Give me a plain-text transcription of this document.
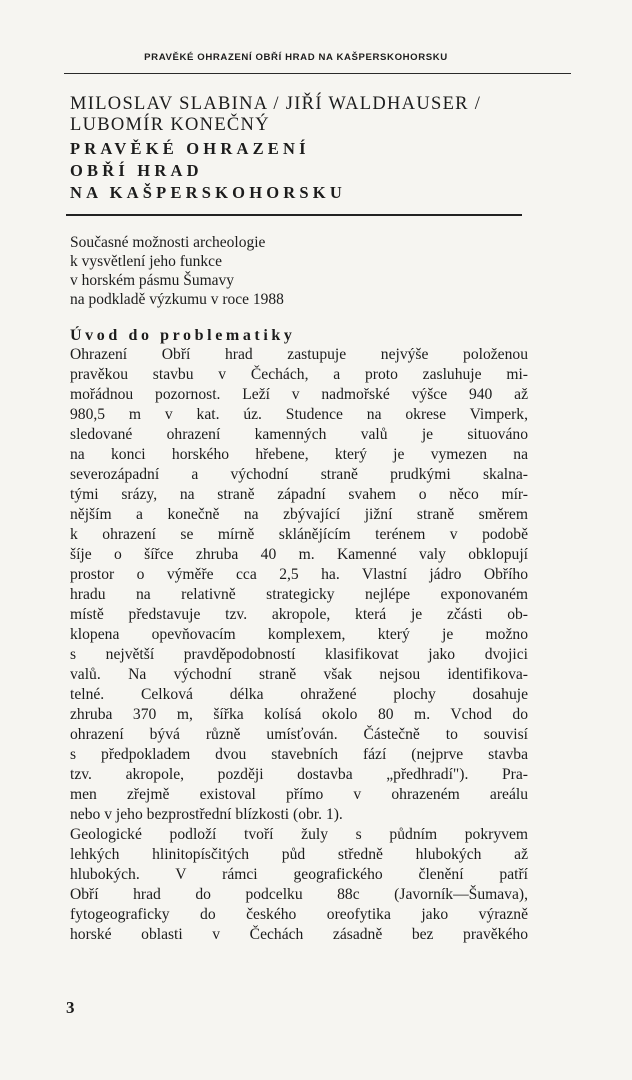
PRAVĚKÉ OHRAZENÍ OBŘÍ HRAD NA KAŠPERSKOHORSKU
MILOSLAV SLABINA / JIŘÍ WALDHAUSER /
LUBOMÍR KONEČNÝ
PRAVĚKÉ OHRAZENÍ
OBŘÍ HRAD
NA KAŠPERSKOHORSKU
Současné možnosti archeologie
k vysvětlení jeho funkce
v horském pásmu Šumavy
na podkladě výzkumu v roce 1988
Úvod do problematiky
Ohrazení Obří hrad zastupuje nejvýše položenou
pravěkou stavbu v Čechách, a proto zasluhuje mi-
mořádnou pozornost. Leží v nadmořské výšce 940 až
980,5 m v kat. úz. Studence na okrese Vimperk,
sledované ohrazení kamenných valů je situováno
na konci horského hřebene, který je vymezen na
severozápadní a východní straně prudkými skalna-
tými srázy, na straně západní svahem o něco mír-
nějším a konečně na zbývající jižní straně směrem
k ohrazení se mírně sklánějícím terénem v podobě
šíje o šířce zhruba 40 m. Kamenné valy obklopují
prostor o výměře cca 2,5 ha. Vlastní jádro Obřího
hradu na relativně strategicky nejlépe exponovaném
místě představuje tzv. akropole, která je zčásti ob-
klopena opevňovacím komplexem, který je možno
s největší pravděpodobností klasifikovat jako dvojici
valů. Na východní straně však nejsou identifikova-
telné. Celková délka ohražené plochy dosahuje
zhruba 370 m, šířka kolísá okolo 80 m. Vchod do
ohrazení bývá různě umísťován. Částečně to souvisí
s předpokladem dvou stavebních fází (nejprve stavba
tzv. akropole, později dostavba „předhradí"). Pra-
men zřejmě existoval přímo v ohrazeném areálu
nebo v jeho bezprostřední blízkosti (obr. 1).
Geologické podloží tvoří žuly s půdním pokryvem
lehkých hlinitopísčitých půd středně hlubokých až
hlubokých. V rámci geografického členění patří
Obří hrad do podcelku 88c (Javorník—Šumava),
fytogeograficky do českého oreofytika jako výrazně
horské oblasti v Čechách zásadně bez pravěkého
3
